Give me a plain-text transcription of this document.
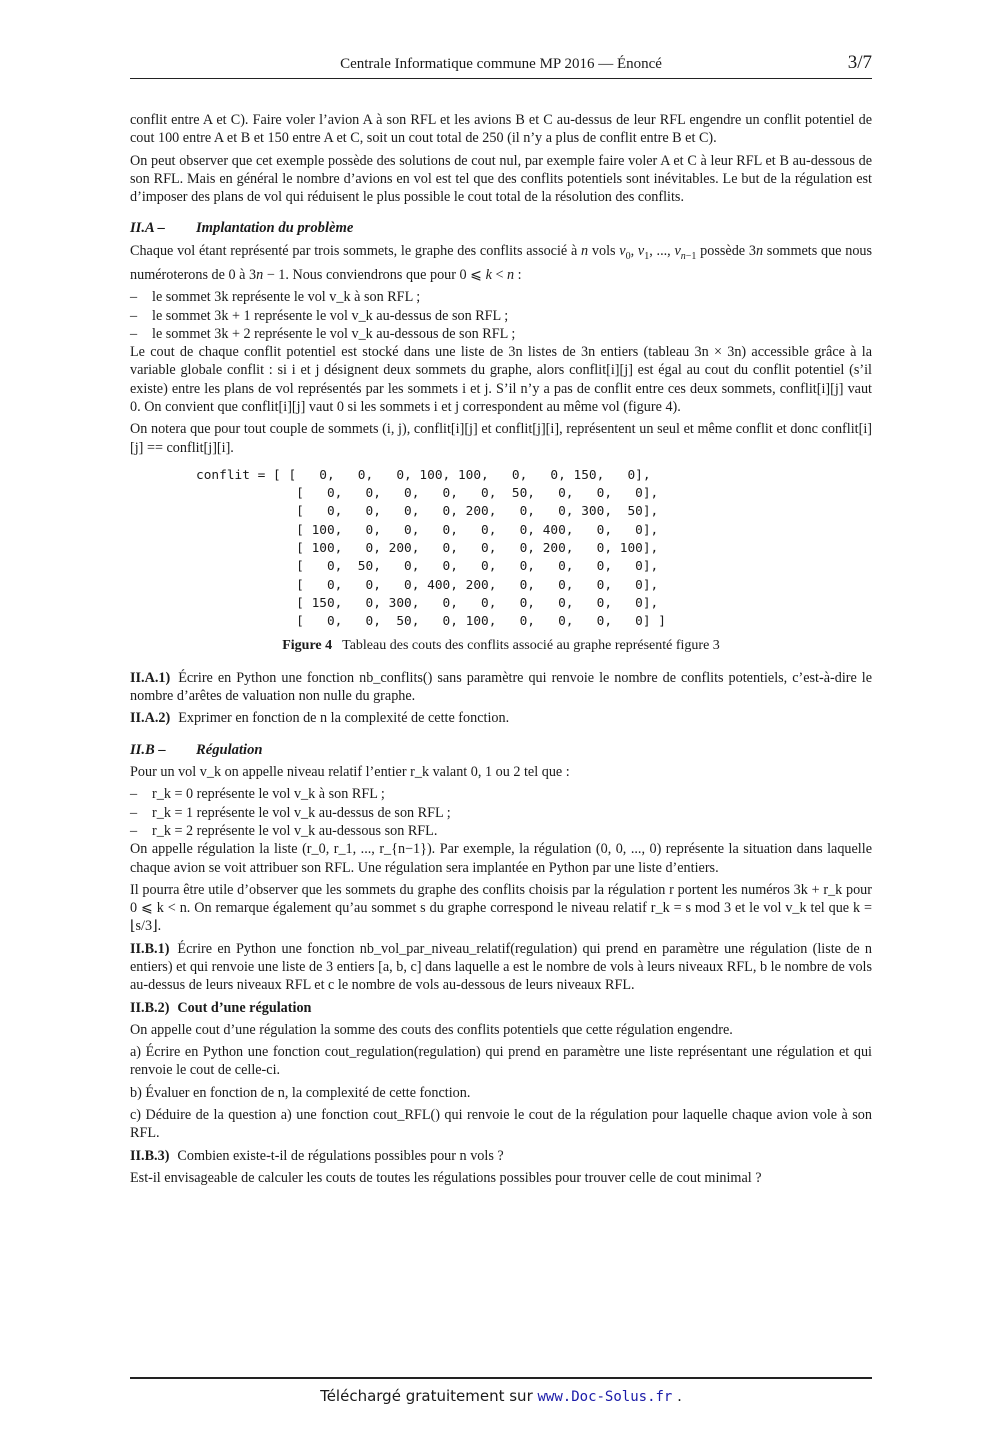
Centrale Informatique commune MP 2016 — Énoncé	3/7

conflit entre A et C). Faire voler l’avion A à son RFL et les avions B et C au-dessus de leur RFL engendre un conflit potentiel de cout 100 entre A et B et 150 entre A et C, soit un cout total de 250 (il n’y a plus de conflit entre B et C).

On peut observer que cet exemple possède des solutions de cout nul, par exemple faire voler A et C à leur RFL et B au-dessous de son RFL. Mais en général le nombre d’avions en vol est tel que des conflits potentiels sont inévitables. Le but de la régulation est d’imposer des plans de vol qui réduisent le plus possible le cout total de la résolution des conflits.

II.A – Implantation du problème

Chaque vol étant représenté par trois sommets, le graphe des conflits associé à n vols $v_0$, $v_1$, ..., $v_{n-1}$ possède 3n sommets que nous numéroterons de 0 à 3n − 1. Nous conviendrons que pour 0 ⩽ k < n :

– le sommet 3k représente le vol v_k à son RFL ;
– le sommet 3k + 1 représente le vol v_k au-dessus de son RFL ;
– le sommet 3k + 2 représente le vol v_k au-dessous de son RFL ;

Le cout de chaque conflit potentiel est stocké dans une liste de 3n listes de 3n entiers (tableau 3n × 3n) accessible grâce à la variable globale conflit : si i et j désignent deux sommets du graphe, alors conflit[i][j] est égal au cout du conflit potentiel (s’il existe) entre les plans de vol représentés par les sommets i et j. S’il n’y a pas de conflit entre ces deux sommets, conflit[i][j] vaut 0. On convient que conflit[i][j] vaut 0 si les sommets i et j correspondent au même vol (figure 4).

On notera que pour tout couple de sommets (i, j), conflit[i][j] et conflit[j][i], représentent un seul et même conflit et donc conflit[i][j] == conflit[j][i].

conflit = [ [   0,   0,   0, 100, 100,   0,   0, 150,   0],
[   0,   0,   0,   0,   0,  50,   0,   0,   0],
[   0,   0,   0,   0, 200,   0,   0, 300,  50],
[ 100,   0,   0,   0,   0,   0, 400,   0,   0],
[ 100,   0, 200,   0,   0,   0, 200,   0, 100],
[   0,  50,   0,   0,   0,   0,   0,   0,   0],
[   0,   0,   0, 400, 200,   0,   0,   0,   0],
[ 150,   0, 300,   0,   0,   0,   0,   0,   0],
[   0,   0,  50,   0, 100,   0,   0,   0,   0] ]
Figure 4 Tableau des couts des conflits associé au graphe représenté figure 3

II.A.1) Écrire en Python une fonction nb_conflits() sans paramètre qui renvoie le nombre de conflits potentiels, c’est-à-dire le nombre d’arêtes de valuation non nulle du graphe.

II.A.2) Exprimer en fonction de n la complexité de cette fonction.

II.B – Régulation

Pour un vol v_k on appelle niveau relatif l’entier r_k valant 0, 1 ou 2 tel que :

– r_k = 0 représente le vol v_k à son RFL ;
– r_k = 1 représente le vol v_k au-dessus de son RFL ;
– r_k = 2 représente le vol v_k au-dessous son RFL.

On appelle régulation la liste (r_0, r_1, ..., r_{n−1}). Par exemple, la régulation (0, 0, ..., 0) représente la situation dans laquelle chaque avion se voit attribuer son RFL. Une régulation sera implantée en Python par une liste d’entiers.

Il pourra être utile d’observer que les sommets du graphe des conflits choisis par la régulation r portent les numéros 3k + r_k pour 0 ⩽ k < n. On remarque également qu’au sommet s du graphe correspond le niveau relatif r_k = s mod 3 et le vol v_k tel que k = ⌊s/3⌋.

II.B.1) Écrire en Python une fonction nb_vol_par_niveau_relatif(regulation) qui prend en paramètre une régulation (liste de n entiers) et qui renvoie une liste de 3 entiers [a, b, c] dans laquelle a est le nombre de vols à leurs niveaux RFL, b le nombre de vols au-dessus de leurs niveaux RFL et c le nombre de vols au-dessous de leurs niveaux RFL.

II.B.2) Cout d’une régulation

On appelle cout d’une régulation la somme des couts des conflits potentiels que cette régulation engendre.

a) Écrire en Python une fonction cout_regulation(regulation) qui prend en paramètre une liste représentant une régulation et qui renvoie le cout de celle-ci.

b) Évaluer en fonction de n, la complexité de cette fonction.

c) Déduire de la question a) une fonction cout_RFL() qui renvoie le cout de la régulation pour laquelle chaque avion vole à son RFL.

II.B.3) Combien existe-t-il de régulations possibles pour n vols ?

Est-il envisageable de calculer les couts de toutes les régulations possibles pour trouver celle de cout minimal ?

Téléchargé gratuitement sur www.Doc-Solus.fr .
